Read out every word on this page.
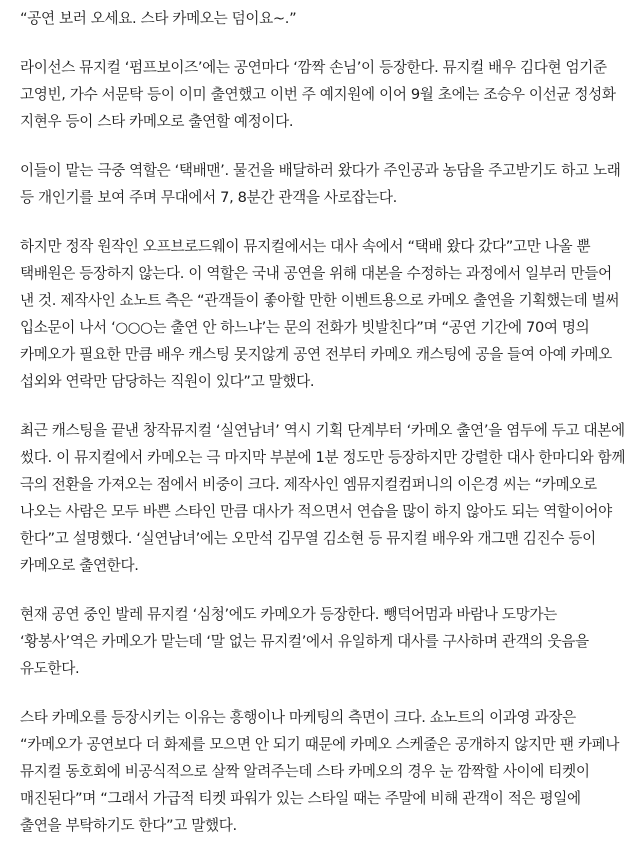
“공연 보러 오세요. 스타 카메오는 덤이요~.”

라이선스 뮤지컬 ‘펌프보이즈’에는 공연마다 ‘깜짝 손님’이 등장한다. 뮤지컬 배우 김다현 엄기준 고영빈, 가수 서문탁 등이 이미 출연했고 이번 주 예지원에 이어 9월 초에는 조승우 이선균 정성화 지현우 등이 스타 카메오로 출연할 예정이다.

이들이 맡는 극중 역할은 ‘택배맨’. 물건을 배달하러 왔다가 주인공과 농담을 주고받기도 하고 노래 등 개인기를 보여 주며 무대에서 7, 8분간 관객을 사로잡는다.

하지만 정작 원작인 오프브로드웨이 뮤지컬에서는 대사 속에서 “택배 왔다 갔다”고만 나올 뿐 택배원은 등장하지 않는다. 이 역할은 국내 공연을 위해 대본을 수정하는 과정에서 일부러 만들어 낸 것. 제작사인 쇼노트 측은 “관객들이 좋아할 만한 이벤트용으로 카메오 출연을 기획했는데 벌써 입소문이 나서 ‘○○○는 출연 안 하느냐’는 문의 전화가 빗발친다”며 “공연 기간에 70여 명의 카메오가 필요한 만큼 배우 캐스팅 못지않게 공연 전부터 카메오 캐스팅에 공을 들여 아예 카메오 섭외와 연락만 담당하는 직원이 있다”고 말했다.

최근 캐스팅을 끝낸 창작뮤지컬 ‘실연남녀’ 역시 기획 단계부터 ‘카메오 출연’을 염두에 두고 대본에 썼다. 이 뮤지컬에서 카메오는 극 마지막 부분에 1분 정도만 등장하지만 강렬한 대사 한마디와 함께 극의 전환을 가져오는 점에서 비중이 크다. 제작사인 엠뮤지컬컴퍼니의 이은경 씨는 “카메오로 나오는 사람은 모두 바쁜 스타인 만큼 대사가 적으면서 연습을 많이 하지 않아도 되는 역할이어야 한다”고 설명했다. ‘실연남녀’에는 오만석 김무열 김소현 등 뮤지컬 배우와 개그맨 김진수 등이 카메오로 출연한다.

현재 공연 중인 발레 뮤지컬 ‘심청’에도 카메오가 등장한다. 뺑덕어멈과 바람나 도망가는 ‘황봉사’역은 카메오가 맡는데 ‘말 없는 뮤지컬’에서 유일하게 대사를 구사하며 관객의 웃음을 유도한다.

스타 카메오를 등장시키는 이유는 흥행이나 마케팅의 측면이 크다. 쇼노트의 이과영 과장은 “카메오가 공연보다 더 화제를 모으면 안 되기 때문에 카메오 스케줄은 공개하지 않지만 팬 카페나 뮤지컬 동호회에 비공식적으로 살짝 알려주는데 스타 카메오의 경우 눈 깜짝할 사이에 티켓이 매진된다”며 “그래서 가급적 티켓 파워가 있는 스타일 때는 주말에 비해 관객이 적은 평일에 출연을 부탁하기도 한다”고 말했다.
